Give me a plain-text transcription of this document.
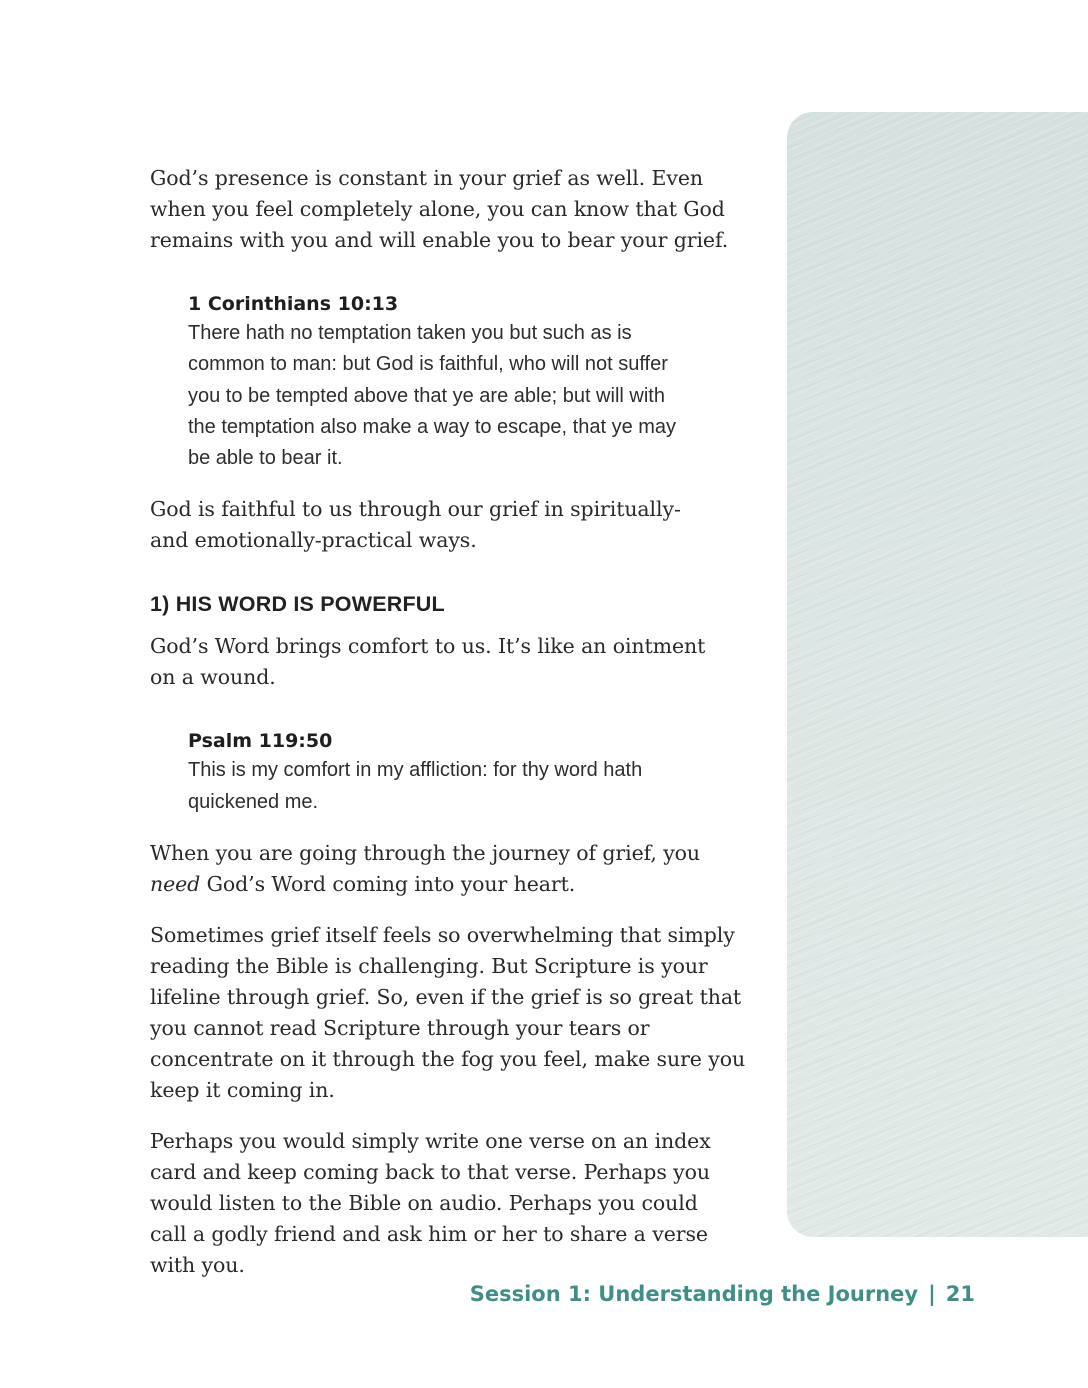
God’s presence is constant in your grief as well. Even when you feel completely alone, you can know that God remains with you and will enable you to bear your grief.

1 Corinthians 10:13

There hath no temptation taken you but such as is common to man: but God is faithful, who will not suffer you to be tempted above that ye are able; but will with the temptation also make a way to escape, that ye may be able to bear it.

God is faithful to us through our grief in spiritually- and emotionally-practical ways.

1) HIS WORD IS POWERFUL

God’s Word brings comfort to us. It’s like an ointment on a wound.

Psalm 119:50

This is my comfort in my affliction: for thy word hath quickened me.

When you are going through the journey of grief, you need God’s Word coming into your heart.

Sometimes grief itself feels so overwhelming that simply reading the Bible is challenging. But Scripture is your lifeline through grief. So, even if the grief is so great that you cannot read Scripture through your tears or concentrate on it through the fog you feel, make sure you keep it coming in.

Perhaps you would simply write one verse on an index card and keep coming back to that verse. Perhaps you would listen to the Bible on audio. Perhaps you could call a godly friend and ask him or her to share a verse with you.

Session 1: Understanding the Journey | 21
